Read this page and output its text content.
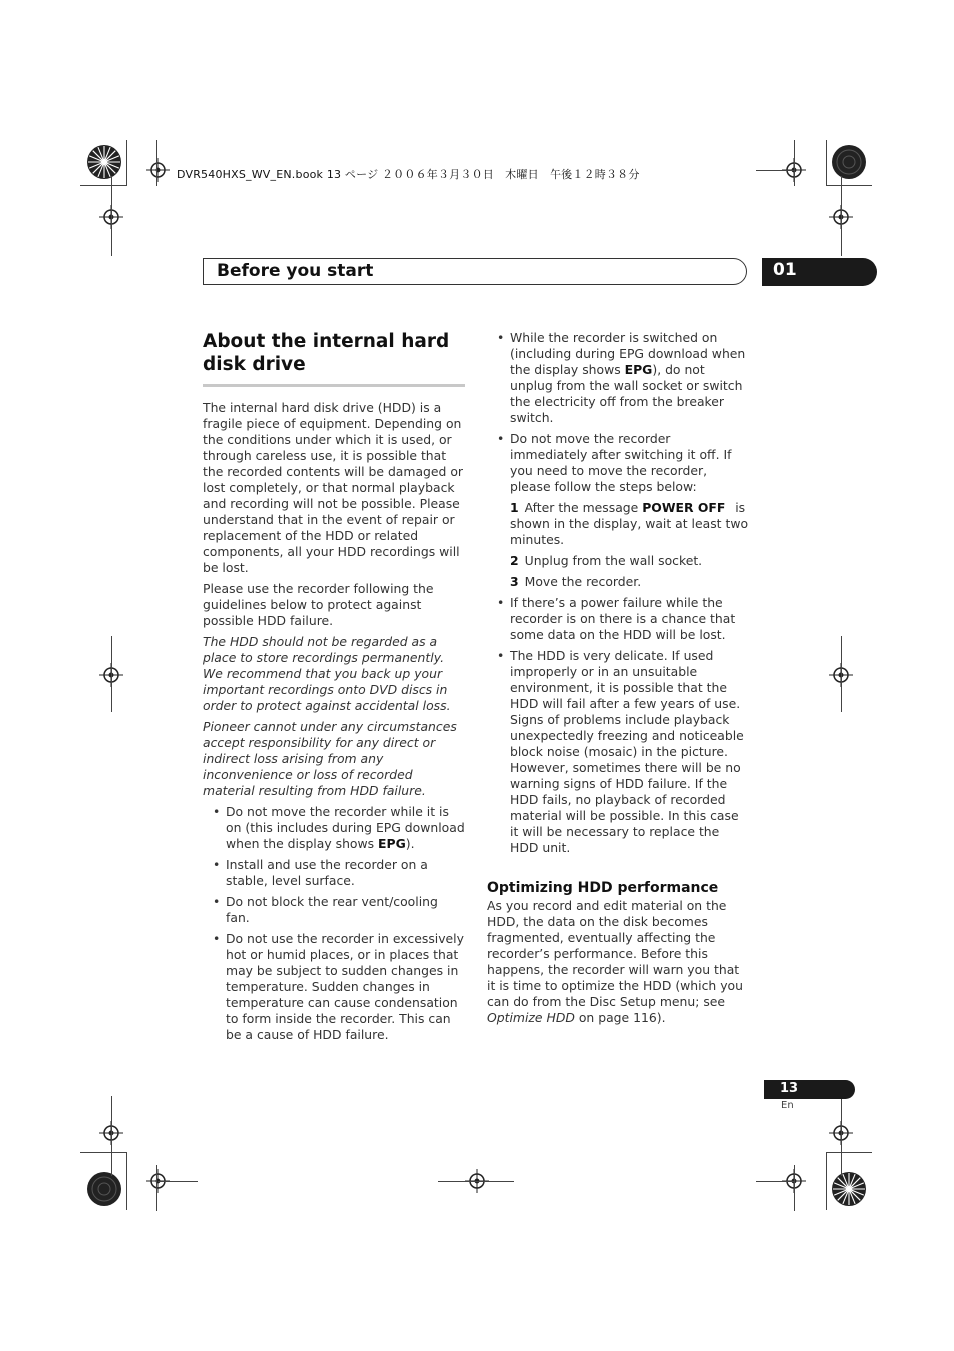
DVR540HXS_WV_EN.book 13 ページ ２００６年３月３０日　木曜日　午後１２時３８分
Before you start	01
About the internal hard disk drive

The internal hard disk drive (HDD) is a fragile piece of equipment. Depending on the conditions under which it is used, or through careless use, it is possible that the recorded contents will be damaged or lost completely, or that normal playback and recording will not be possible. Please understand that in the event of repair or replacement of the HDD or related components, all your HDD recordings will be lost.

Please use the recorder following the guidelines below to protect against possible HDD failure.

The HDD should not be regarded as a place to store recordings permanently. We recommend that you back up your important recordings onto DVD discs in order to protect against accidental loss.

Pioneer cannot under any circumstances accept responsibility for any direct or indirect loss arising from any inconvenience or loss of recorded material resulting from HDD failure.

• Do not move the recorder while it is on (this includes during EPG download when the display shows EPG).
• Install and use the recorder on a stable, level surface.
• Do not block the rear vent/cooling fan.
• Do not use the recorder in excessively hot or humid places, or in places that may be subject to sudden changes in temperature. Sudden changes in temperature can cause condensation to form inside the recorder. This can be a cause of HDD failure.
• While the recorder is switched on (including during EPG download when the display shows EPG), do not unplug from the wall socket or switch the electricity off from the breaker switch.
• Do not move the recorder immediately after switching it off. If you need to move the recorder, please follow the steps below:
1 After the message POWER OFF is shown in the display, wait at least two minutes.
2 Unplug from the wall socket.
3 Move the recorder.
• If there’s a power failure while the recorder is on there is a chance that some data on the HDD will be lost.
• The HDD is very delicate. If used improperly or in an unsuitable environment, it is possible that the HDD will fail after a few years of use. Signs of problems include playback unexpectedly freezing and noticeable block noise (mosaic) in the picture. However, sometimes there will be no warning signs of HDD failure. If the HDD fails, no playback of recorded material will be possible. In this case it will be necessary to replace the HDD unit.
Optimizing HDD performance

As you record and edit material on the HDD, the data on the disk becomes fragmented, eventually affecting the recorder’s performance. Before this happens, the recorder will warn you that it is time to optimize the HDD (which you can do from the Disc Setup menu; see Optimize HDD on page 116).

13
En
